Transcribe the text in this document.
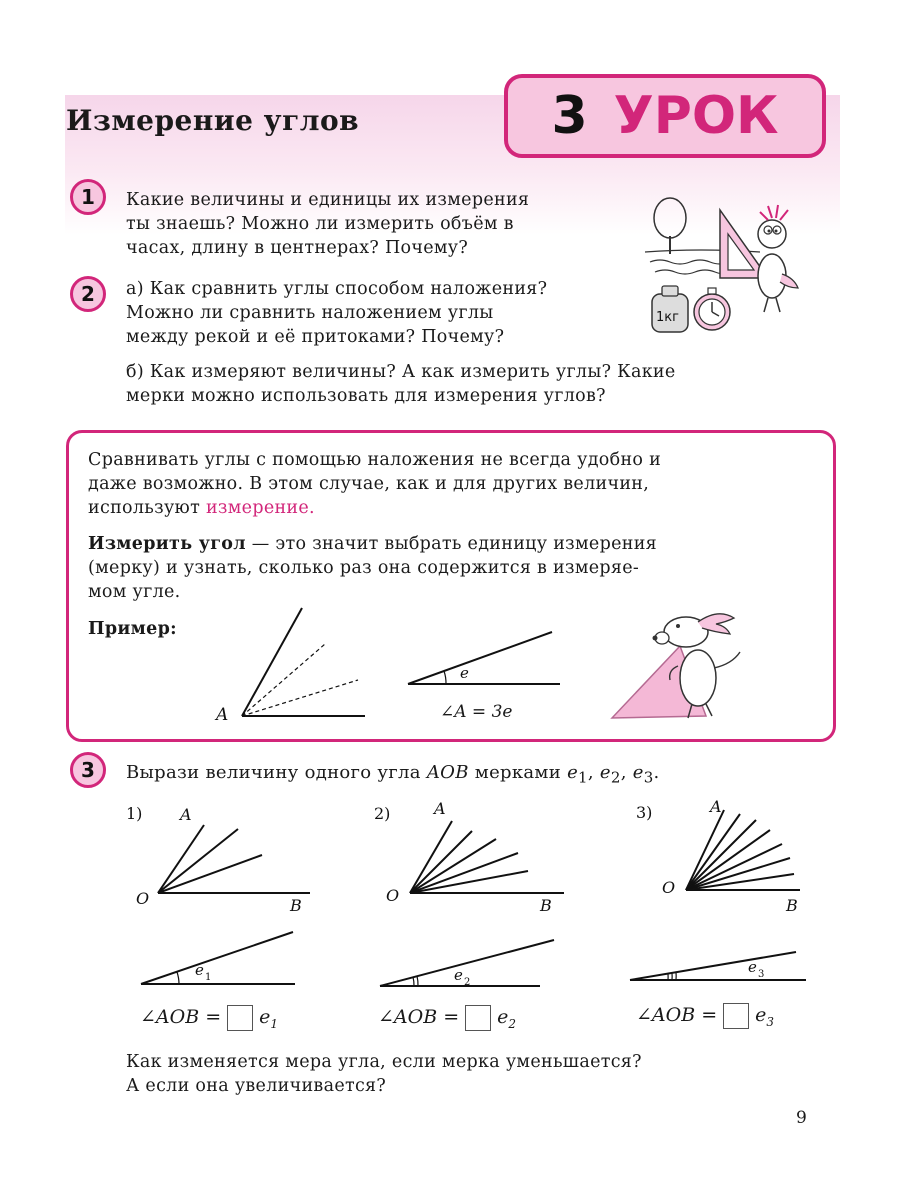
Измерение углов	3 УРОК
1	Какие величины и единицы их измерения
ты знаешь? Можно ли измерить объём в
часах, длину в центнерах? Почему?
1кг
2	а) Как сравнить углы способом наложения?
Можно ли сравнить наложением углы
между рекой и её притоками? Почему?
б) Как измеряют величины? А как измерить углы? Какие
мерки можно использовать для измерения углов?
Сравнивать углы с помощью наложения не всегда удобно и
даже возможно. В этом случае, как и для других величин,
используют измерение.
Измерить угол — это значит выбрать единицу измерения
(мерку) и узнать, сколько раз она содержится в измеряе-
мом угле.
Пример:
A
e
∠A = 3e
3	Вырази величину одного угла AOB мерками $e_1$, $e_2$, $e_3$.
1) A
O	B
e 1
∠AOB = $e_1$
2)	A
O
B
e 2
∠AOB = $e_2$
3)	A
O
B
e 3
∠AOB = $e_3$
Как изменяется мера угла, если мерка уменьшается?
А если она увеличивается?
9
